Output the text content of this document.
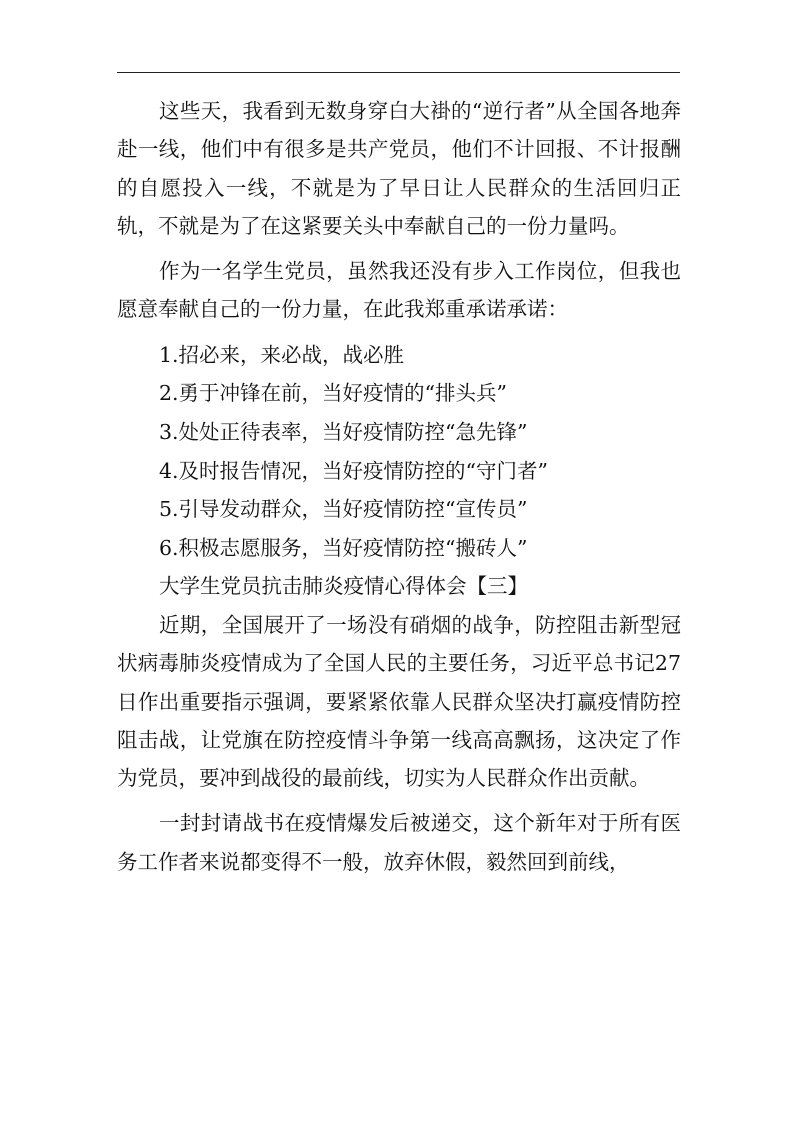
这些天，我看到无数身穿白大褂的“逆行者”从全国各地奔赴一线，他们中有很多是共产党员，他们不计回报、不计报酬的自愿投入一线，不就是为了早日让人民群众的生活回归正轨，不就是为了在这紧要关头中奉献自己的一份力量吗。

作为一名学生党员，虽然我还没有步入工作岗位，但我也愿意奉献自己的一份力量，在此我郑重承诺承诺：

1.招必来，来必战，战必胜

2.勇于冲锋在前，当好疫情的“排头兵”

3.处处正待表率，当好疫情防控“急先锋”

4.及时报告情况，当好疫情防控的“守门者”

5.引导发动群众，当好疫情防控“宣传员”

6.积极志愿服务，当好疫情防控“搬砖人”

大学生党员抗击肺炎疫情心得体会【三】

近期，全国展开了一场没有硝烟的战争，防控阻击新型冠状病毒肺炎疫情成为了全国人民的主要任务，习近平总书记27日作出重要指示强调，要紧紧依靠人民群众坚决打赢疫情防控阻击战，让党旗在防控疫情斗争第一线高高飘扬，这决定了作为党员，要冲到战役的最前线，切实为人民群众作出贡献。

一封封请战书在疫情爆发后被递交，这个新年对于所有医务工作者来说都变得不一般，放弃休假，毅然回到前线，
